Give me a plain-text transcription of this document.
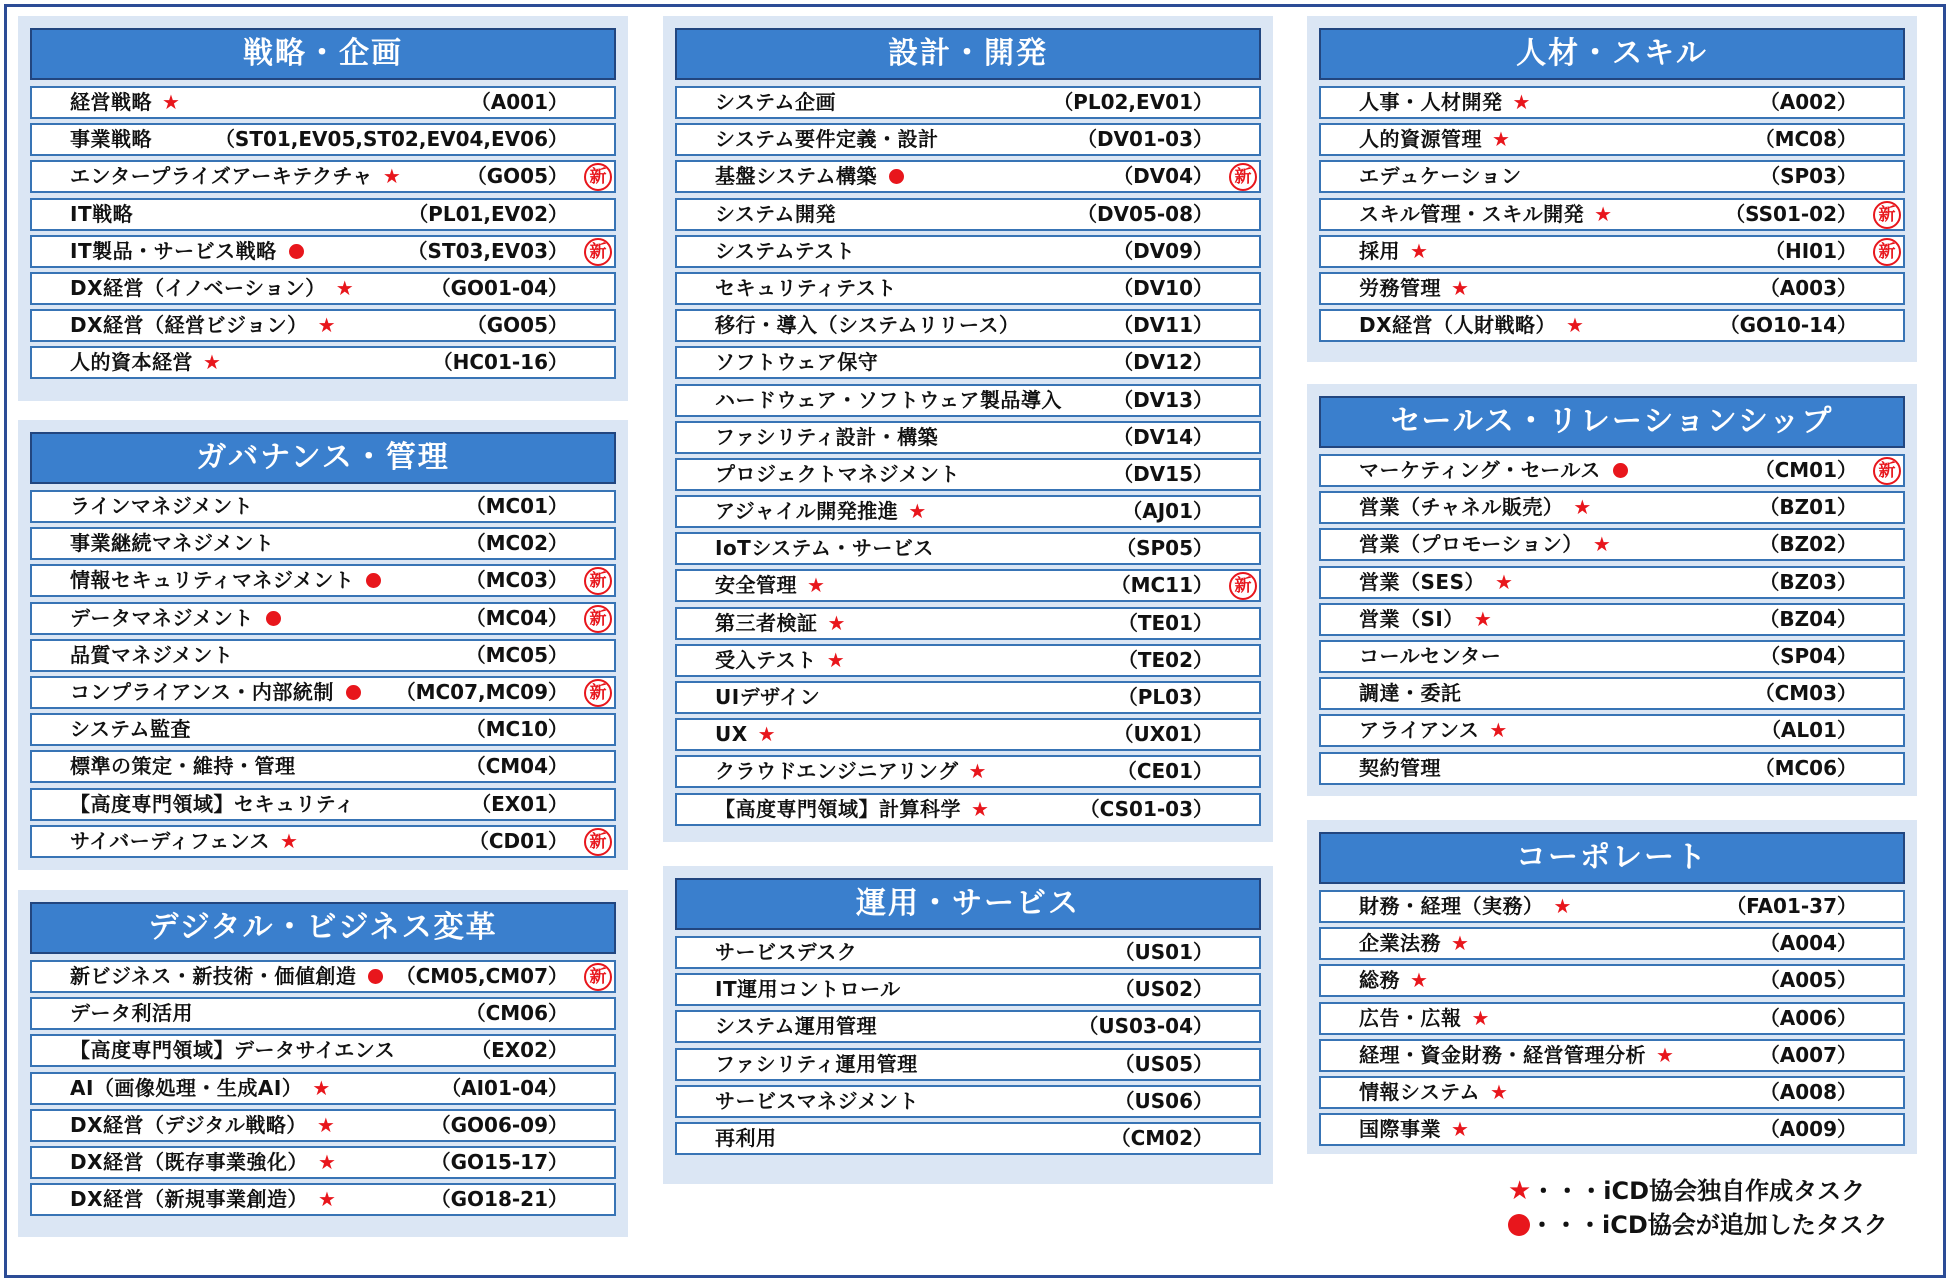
戦略・企画
経営戦略 ★	（A001）
事業戦略	（ST01,EV05,ST02,EV04,EV06）
エンタープライズアーキテクチャ ★	（GO05）	新
IT戦略	（PL01,EV02）
IT製品・サービス戦略	（ST03,EV03）	新
DX経営（イノベーション） ★	（GO01-04）
DX経営（経営ビジョン） ★	（GO05）
人的資本経営 ★	（HC01-16）
ガバナンス・管理
ラインマネジメント	（MC01）
事業継続マネジメント	（MC02）
情報セキュリティマネジメント	（MC03）	新
データマネジメント	（MC04）	新
品質マネジメント	（MC05）
コンプライアンス・内部統制	（MC07,MC09）	新
システム監査	（MC10）
標準の策定・維持・管理	（CM04）
【高度専門領域】セキュリティ	（EX01）
サイバーディフェンス ★	（CD01）	新
デジタル・ビジネス変革
新ビジネス・新技術・価値創造	（CM05,CM07）	新
データ利活用	（CM06）
【高度専門領域】データサイエンス	（EX02）
AI（画像処理・生成AI） ★	（AI01-04）
DX経営（デジタル戦略） ★	（GO06-09）
DX経営（既存事業強化） ★	（GO15-17）
DX経営（新規事業創造） ★	（GO18-21）
設計・開発
システム企画	（PL02,EV01）
システム要件定義・設計	（DV01-03）
基盤システム構築	（DV04）	新
システム開発	（DV05-08）
システムテスト	（DV09）
セキュリティテスト	（DV10）
移行・導入（システムリリース）	（DV11）
ソフトウェア保守	（DV12）
ハードウェア・ソフトウェア製品導入	（DV13）
ファシリティ設計・構築	（DV14）
プロジェクトマネジメント	（DV15）
アジャイル開発推進 ★	（AJ01）
IoTシステム・サービス	（SP05）
安全管理 ★	（MC11）	新
第三者検証 ★	（TE01）
受入テスト ★	（TE02）
UIデザイン	（PL03）
UX ★	（UX01）
クラウドエンジニアリング ★	（CE01）
【高度専門領域】計算科学 ★	（CS01-03）
運用・サービス
サービスデスク	（US01）
IT運用コントロール	（US02）
システム運用管理	（US03-04）
ファシリティ運用管理	（US05）
サービスマネジメント	（US06）
再利用	（CM02）
人材・スキル
人事・人材開発 ★	（A002）
人的資源管理 ★	（MC08）
エデュケーション	（SP03）
スキル管理・スキル開発 ★	（SS01-02）	新
採用 ★	（HI01）	新
労務管理 ★	（A003）
DX経営（人財戦略） ★	（GO10-14）
セールス・リレーションシップ
マーケティング・セールス	（CM01）	新
営業（チャネル販売） ★	（BZ01）
営業（プロモーション） ★	（BZ02）
営業（SES） ★	（BZ03）
営業（SI） ★	（BZ04）
コールセンター	（SP04）
調達・委託	（CM03）
アライアンス ★	（AL01）
契約管理	（MC06）
コーポレート
財務・経理（実務） ★	（FA01-37）
企業法務 ★	（A004）
総務 ★	（A005）
広告・広報 ★	（A006）
経理・資金財務・経営管理分析 ★	（A007）
情報システム ★	（A008）
国際事業 ★	（A009）
★・・・iCD協会独自作成タスク
・・・iCD協会が追加したタスク
